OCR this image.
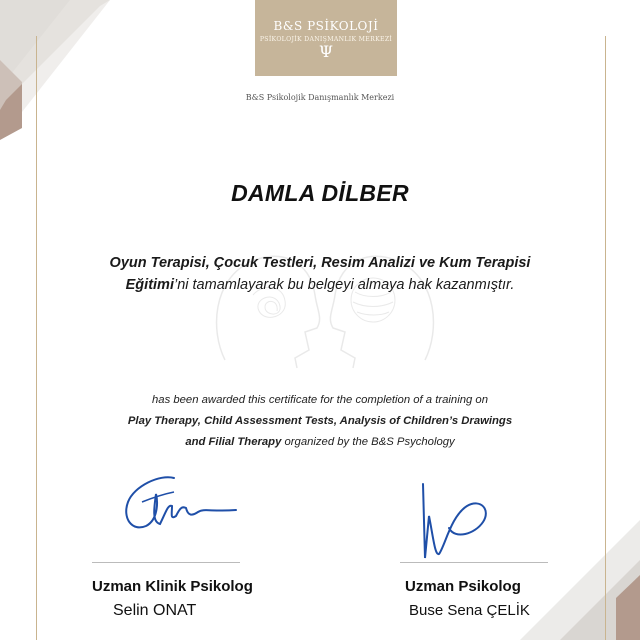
B&S PSİKOLOJİ
PSİKOLOJİK DANIŞMANLIK MERKEZİ
Ψ
B&S Psikolojik Danışmanlık Merkezi
DAMLA DİLBER
Oyun Terapisi, Çocuk Testleri, Resim Analizi ve Kum Terapisi
Eğitimi’ni tamamlayarak bu belgeyi almaya hak kazanmıştır.
has been awarded this certificate for the completion of a training on
Play Therapy, Child Assessment Tests, Analysis of Children’s Drawings
and Filial Therapy organized by the B&S Psychology
Uzman Klinik Psikolog
Selin ONAT
Uzman Psikolog
Buse Sena ÇELİK
